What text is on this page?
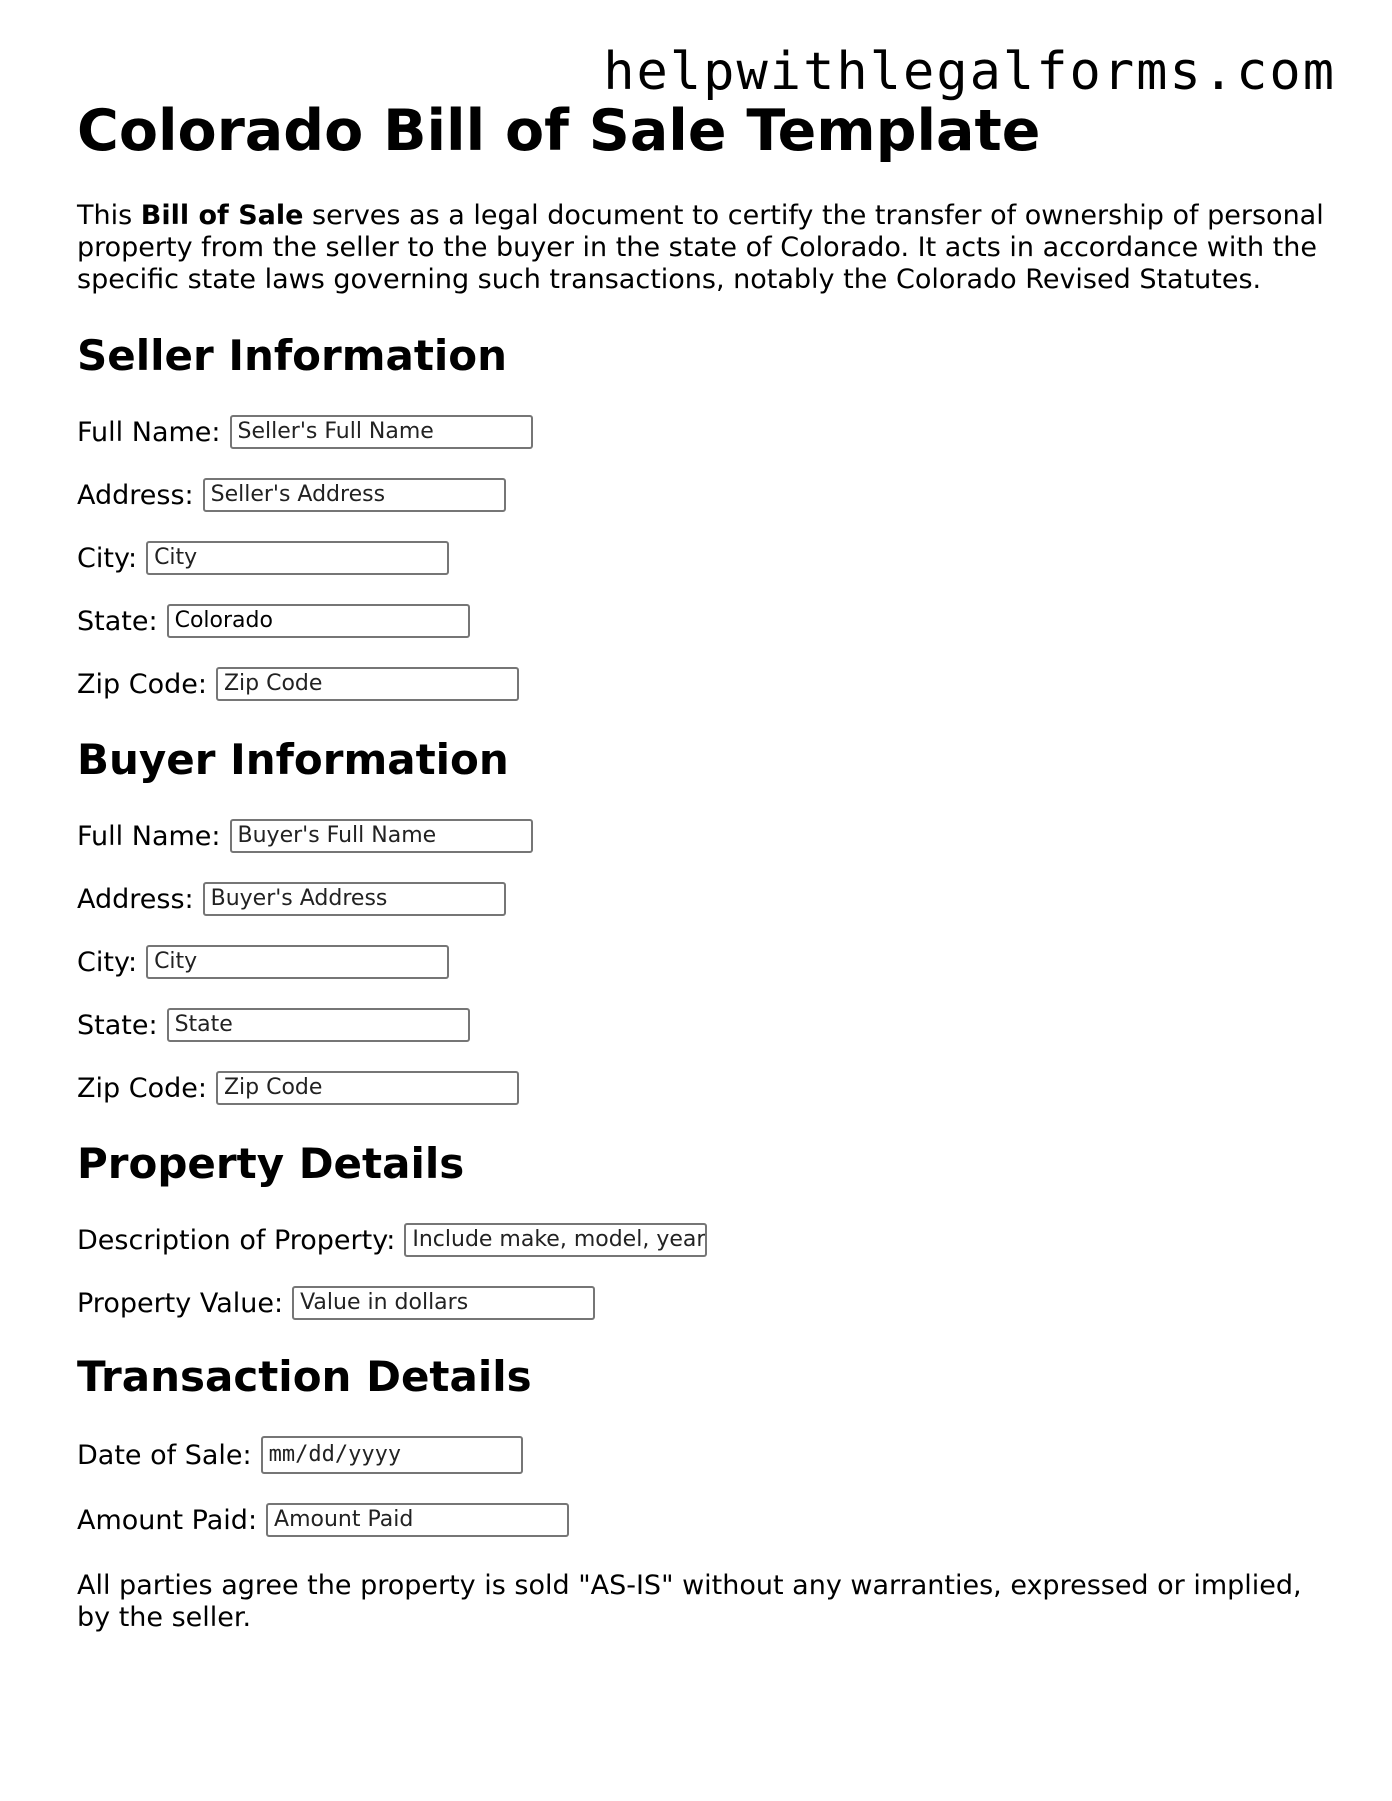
helpwithlegalforms.com
Colorado Bill of Sale Template

This Bill of Sale serves as a legal document to certify the transfer of ownership of personal property from the seller to the buyer in the state of Colorado. It acts in accordance with the specific state laws governing such transactions, notably the Colorado Revised Statutes.

Seller Information
Full Name: Seller's Full Name
Address: Seller's Address
City: City
State: Colorado
Zip Code: Zip Code
Buyer Information
Full Name: Buyer's Full Name
Address: Buyer's Address
City: City
State: State
Zip Code: Zip Code
Property Details
Description of Property: Include make, model, year
Property Value: Value in dollars
Transaction Details
Date of Sale: mm/dd/yyyy
Amount Paid: Amount Paid

All parties agree the property is sold "AS-IS" without any warranties, expressed or implied, by the seller.
